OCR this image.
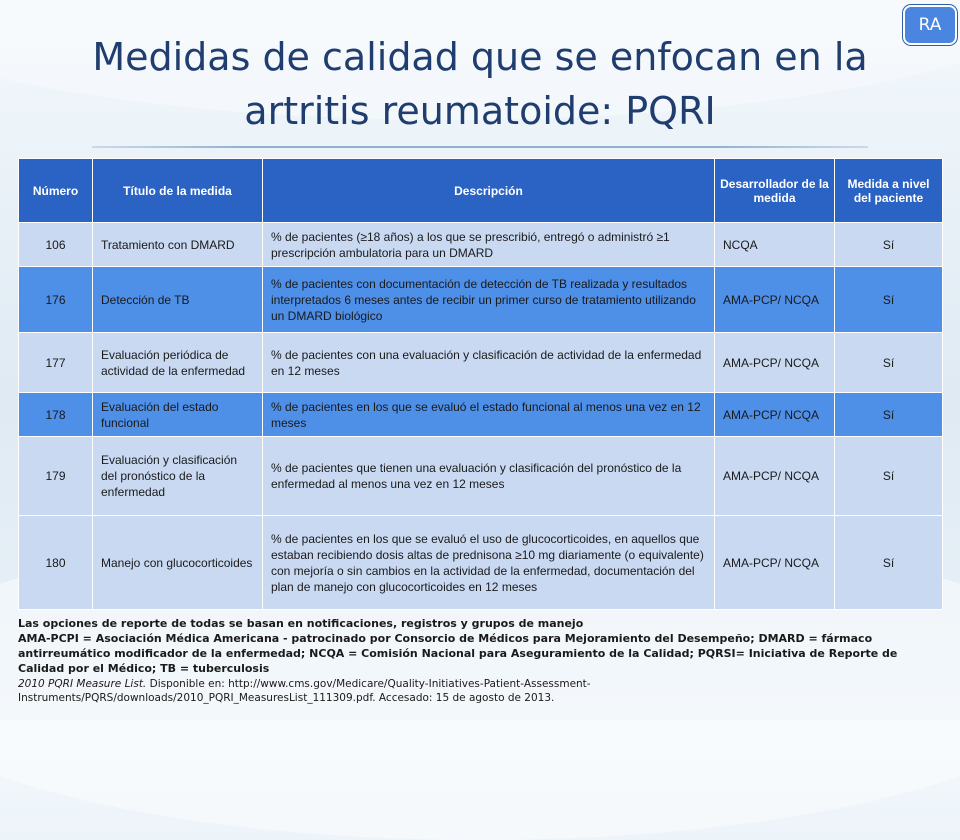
RA
Medidas de calidad que se enfocan en la artritis reumatoide: PQRI
Número	Título de la medida	Descripción	Desarrollador de la medida	Medida a nivel del paciente
106	Tratamiento con DMARD	% de pacientes (≥18 años) a los que se prescribió, entregó o administró ≥1 prescripción ambulatoria para un DMARD	NCQA	Sí
176	Detección de TB	% de pacientes con documentación de detección de TB realizada y resultados interpretados 6 meses antes de recibir un primer curso de tratamiento utilizando un DMARD biológico	AMA-PCP/ NCQA	Sí
177	Evaluación periódica de actividad de la enfermedad	% de pacientes con una evaluación y clasificación de actividad de la enfermedad en 12 meses	AMA-PCP/ NCQA	Sí
178	Evaluación del estado funcional	% de pacientes en los que se evaluó el estado funcional al menos una vez en 12 meses	AMA-PCP/ NCQA	Sí
179	Evaluación y clasificación del pronóstico de la enfermedad	% de pacientes que tienen una evaluación y clasificación del pronóstico de la enfermedad al menos una vez en 12 meses	AMA-PCP/ NCQA	Sí
180	Manejo con glucocorticoides	% de pacientes en los que se evaluó el uso de glucocorticoides, en aquellos que estaban recibiendo dosis altas de prednisona ≥10 mg diariamente (o equivalente) con mejoría o sin cambios en la actividad de la enfermedad, documentación del plan de manejo con glucocorticoides en 12 meses	AMA-PCP/ NCQA	Sí
Las opciones de reporte de todas se basan en notificaciones, registros y grupos de manejo
AMA-PCPI = Asociación Médica Americana - patrocinado por Consorcio de Médicos para Mejoramiento del Desempeño; DMARD = fármaco antirreumático modificador de la enfermedad; NCQA = Comisión Nacional para Aseguramiento de la Calidad; PQRSI= Iniciativa de Reporte de Calidad por el Médico; TB = tuberculosis
2010 PQRI Measure List. Disponible en: http://www.cms.gov/Medicare/Quality-Initiatives-Patient-Assessment-Instruments/PQRS/downloads/2010_PQRI_MeasuresList_111309.pdf. Accesado: 15 de agosto de 2013.
